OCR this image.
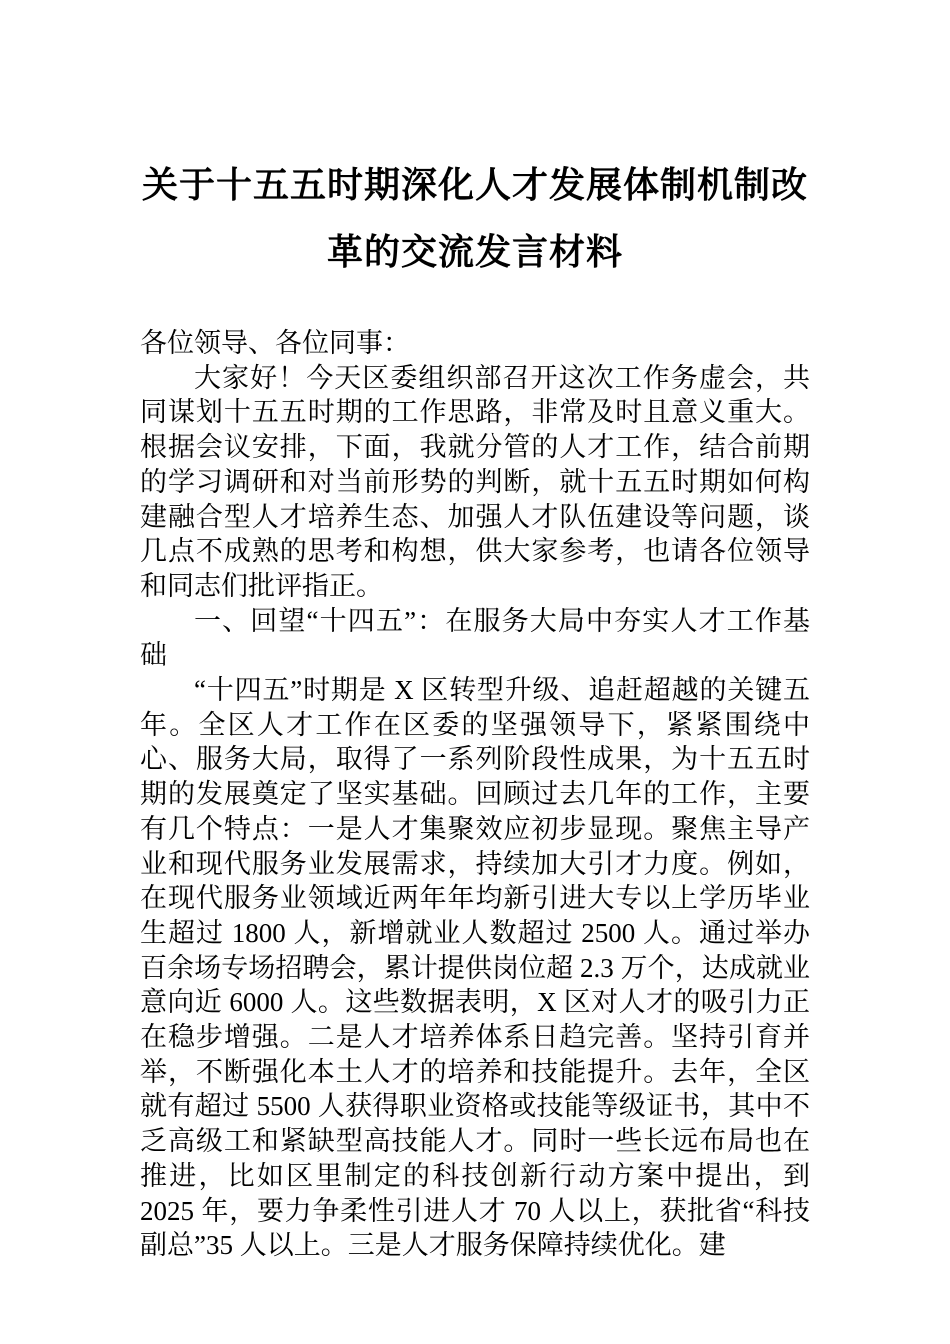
关于十五五时期深化人才发展体制机制改革的交流发言材料

各位领导、各位同事：

大家好！今天区委组织部召开这次工作务虚会，共同谋划十五五时期的工作思路，非常及时且意义重大。根据会议安排，下面，我就分管的人才工作，结合前期的学习调研和对当前形势的判断，就十五五时期如何构建融合型人才培养生态、加强人才队伍建设等问题，谈几点不成熟的思考和构想，供大家参考，也请各位领导和同志们批评指正。

一、回望“十四五”：在服务大局中夯实人才工作基础

“十四五”时期是 X 区转型升级、追赶超越的关键五年。全区人才工作在区委的坚强领导下，紧紧围绕中心、服务大局，取得了一系列阶段性成果，为十五五时期的发展奠定了坚实基础。回顾过去几年的工作，主要有几个特点：一是人才集聚效应初步显现。聚焦主导产业和现代服务业发展需求，持续加大引才力度。例如，在现代服务业领域近两年年均新引进大专以上学历毕业生超过 1800 人，新增就业人数超过 2500 人。通过举办百余场专场招聘会，累计提供岗位超 2.3 万个，达成就业意向近 6000 人。这些数据表明，X 区对人才的吸引力正在稳步增强。二是人才培养体系日趋完善。坚持引育并举，不断强化本土人才的培养和技能提升。去年，全区就有超过 5500 人获得职业资格或技能等级证书，其中不乏高级工和紧缺型高技能人才。同时一些长远布局也在推进，比如区里制定的科技创新行动方案中提出，到 2025 年，要力争柔性引进人才 70 人以上，获批省“科技副总”35 人以上。三是人才服务保障持续优化。建
